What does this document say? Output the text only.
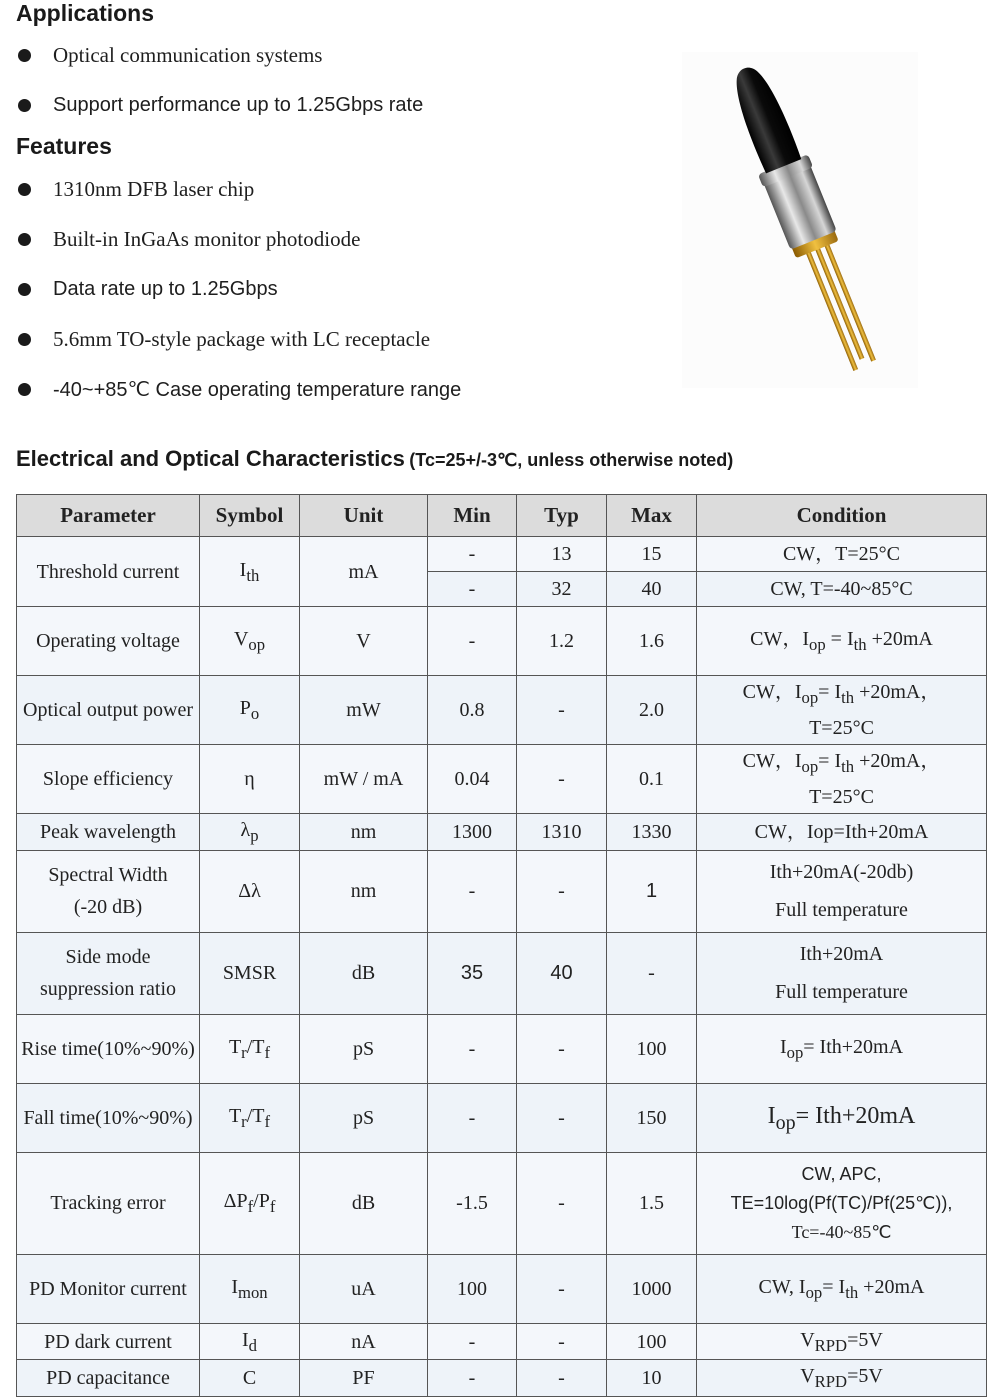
Applications
Optical communication systems
Support performance up to 1.25Gbps rate
Features
1310nm DFB laser chip
Built-in InGaAs monitor photodiode
Data rate up to 1.25Gbps
5.6mm TO-style package with LC receptacle
-40~+85℃ Case operating temperature range
Electrical and Optical Characteristics (Tc=25+/-3℃, unless otherwise noted)
Parameter	Symbol	Unit	Min	Typ	Max	Condition
Threshold current	$I_{th}$	mA	-	13	15	CW，T=25°C
			-	32	40	CW, T=-40~85°C
Operating voltage	$V_{op}$	V	-	1.2	1.6	CW，$I_{op} = I_{th} +20mA$
Optical output power	$P_o$	mW	0.8	-	2.0	CW，$I_{op}= I_{th} +20mA$，
T=25°C
Slope efficiency	η	mW / mA	0.04	-	0.1	CW，$I_{op}= I_{th} +20mA$，
T=25°C
Peak wavelength	$\lambda_p$	nm	1300	1310	1330	CW，Iop=Ith+20mA
Spectral Width
(-20 dB)	Δλ	nm	-	-	1	Ith+20mA(-20db)
Full temperature
Side mode suppression ratio	SMSR	dB	35	40	-	Ith+20mA
Full temperature
Rise time(10%~90%)	$T_r/T_f$	pS	-	-	100	$I_{op}= Ith+20mA$
Fall time(10%~90%)	$T_r/T_f$	pS	-	-	150	$I_{op}= Ith+20mA$
Tracking error	$\Delta P_f/P_f$	dB	-1.5	-	1.5	CW, APC,
TE=10log(Pf(TC)/Pf(25℃)),
Tc=-40~85℃
PD Monitor current	$I_{mon}$	uA	100	-	1000	CW, $I_{op}= I_{th} +20mA$
PD dark current	$I_d$	nA	-	-	100	$V_{RPD}=5V$
PD capacitance	C	PF	-	-	10	$V_{RPD}=5V$
